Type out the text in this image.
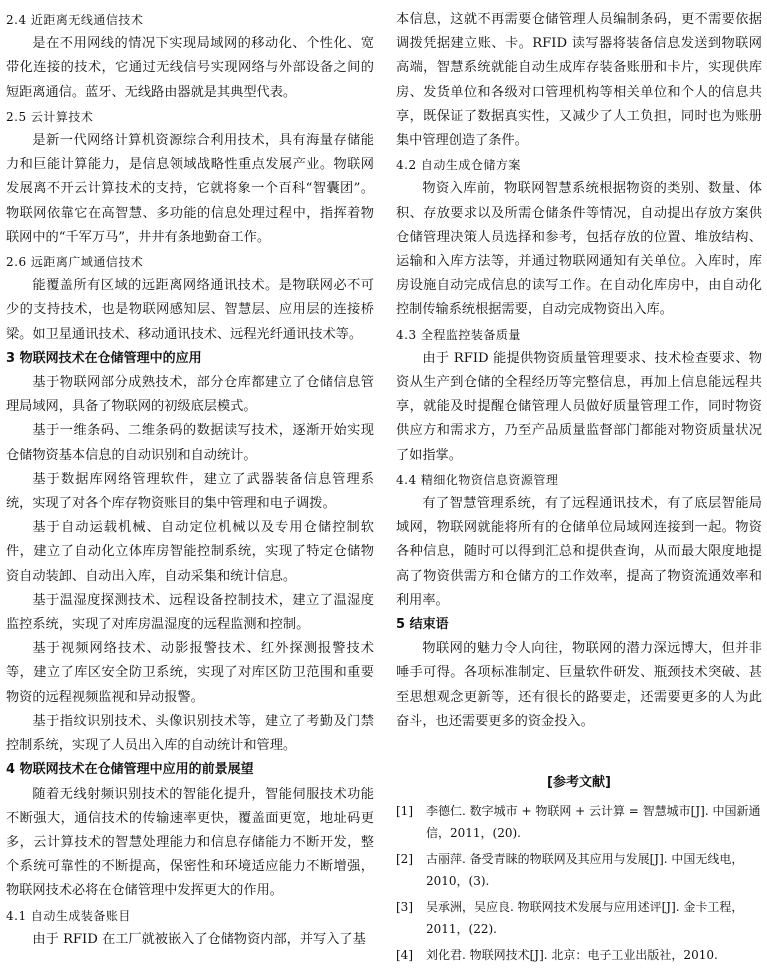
2.4 近距离无线通信技术

是在不用网线的情况下实现局域网的移动化、个性化、宽带化连接的技术，它通过无线信号实现网络与外部设备之间的短距离通信。蓝牙、无线路由器就是其典型代表。

2.5 云计算技术

是新一代网络计算机资源综合利用技术，具有海量存储能力和巨能计算能力，是信息领域战略性重点发展产业。物联网发展离不开云计算技术的支持，它就将象一个百科“智囊团”。物联网依靠它在高智慧、多功能的信息处理过程中，指挥着物联网中的“千军万马”，井井有条地勤奋工作。

2.6 远距离广域通信技术

能覆盖所有区域的远距离网络通讯技术。是物联网必不可少的支持技术，也是物联网感知层、智慧层、应用层的连接桥梁。如卫星通讯技术、移动通讯技术、远程光纤通讯技术等。

3 物联网技术在仓储管理中的应用

基于物联网部分成熟技术，部分仓库都建立了仓储信息管理局域网，具备了物联网的初级底层模式。

基于一维条码、二维条码的数据读写技术，逐渐开始实现仓储物资基本信息的自动识别和自动统计。

基于数据库网络管理软件，建立了武器装备信息管理系统，实现了对各个库存物资账目的集中管理和电子调拨。

基于自动运载机械、自动定位机械以及专用仓储控制软件，建立了自动化立体库房智能控制系统，实现了特定仓储物资自动装卸、自动出入库，自动采集和统计信息。

基于温湿度探测技术、远程设备控制技术，建立了温湿度监控系统，实现了对库房温湿度的远程监测和控制。

基于视频网络技术、动影报警技术、红外探测报警技术等，建立了库区安全防卫系统，实现了对库区防卫范围和重要物资的远程视频监视和异动报警。

基于指纹识别技术、头像识别技术等，建立了考勤及门禁控制系统，实现了人员出入库的自动统计和管理。

4 物联网技术在仓储管理中应用的前景展望

随着无线射频识别技术的智能化提升，智能伺服技术功能不断强大，通信技术的传输速率更快，覆盖面更宽，地址码更多，云计算技术的智慧处理能力和信息存储能力不断开发，整个系统可靠性的不断提高，保密性和环境适应能力不断增强，物联网技术必将在仓储管理中发挥更大的作用。

4.1 自动生成装备账目

由于 RFID 在工厂就被嵌入了仓储物资内部，并写入了基

本信息，这就不再需要仓储管理人员编制条码，更不需要依据调拨凭据建立账、卡。RFID 读写器将装备信息发送到物联网高端，智慧系统就能自动生成库存装备账册和卡片，实现供库房、发货单位和各级对口管理机构等相关单位和个人的信息共享，既保证了数据真实性，又减少了人工负担，同时也为账册集中管理创造了条件。

4.2 自动生成仓储方案

物资入库前，物联网智慧系统根据物资的类别、数量、体积、存放要求以及所需仓储条件等情况，自动提出存放方案供仓储管理决策人员选择和参考，包括存放的位置、堆放结构、运输和入库方法等，并通过物联网通知有关单位。入库时，库房设施自动完成信息的读写工作。在自动化库房中，由自动化控制传输系统根据需要，自动完成物资出入库。

4.3 全程监控装备质量

由于 RFID 能提供物资质量管理要求、技术检查要求、物资从生产到仓储的全程经历等完整信息，再加上信息能远程共享，就能及时提醒仓储管理人员做好质量管理工作，同时物资供应方和需求方，乃至产品质量监督部门都能对物资质量状况了如指掌。

4.4 精细化物资信息资源管理

有了智慧管理系统，有了远程通讯技术，有了底层智能局域网，物联网就能将所有的仓储单位局域网连接到一起。物资各种信息，随时可以得到汇总和提供查询，从而最大限度地提高了物资供需方和仓储方的工作效率，提高了物资流通效率和利用率。

5 结束语

物联网的魅力令人向往，物联网的潜力深远博大，但并非唾手可得。各项标准制定、巨量软件研发、瓶颈技术突破、甚至思想观念更新等，还有很长的路要走，还需要更多的人为此奋斗，也还需要更多的资金投入。

[参考文献]
[1]	李德仁. 数字城市 + 物联网 + 云计算 = 智慧城市[J]. 中国新通信，2011，(20).
[2]	古丽萍. 备受青睐的物联网及其应用与发展[J]. 中国无线电，2010，(3).
[3]	吴承洲，吴应良. 物联网技术发展与应用述评[J]. 金卡工程，2011，(22).
[4]	刘化君. 物联网技术[J]. 北京：电子工业出版社，2010.
